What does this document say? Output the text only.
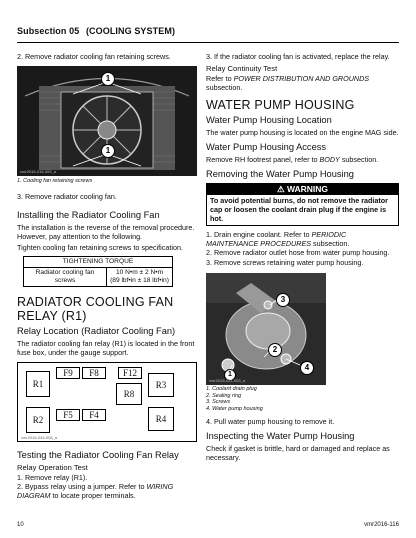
Subsection 05 (COOLING SYSTEM)

2. Remove radiator cooling fan retaining screws.

1
1
vmr2016-016-005_a
1. Cooling fan retaining screws

3. Remove radiator cooling fan.

Installing the Radiator Cooling Fan

The installation is the reverse of the removal procedure. However, pay attention to the following.

Tighten cooling fan retaining screws to specification.

TIGHTENING TORQUE
Radiator cooling fan screws	
10 N•m ± 2 N•m
(89 lbf•in ± 18 lbf•in)
RADIATOR COOLING FAN RELAY (R1)
Relay Location (Radiator Cooling Fan)

The radiator cooling fan relay (R1) is located in the front fuse box, under the gauge support.

R1
F9	F8	F12
R3
R8
R2	F5	F4	R4
vmr2016-044-008_a
Testing the Radiator Cooling Fan Relay
Relay Operation Test

1. Remove relay (R1).

2. Bypass relay using a jumper. Refer to WIRING DIAGRAM to locate proper terminals.

3. If the radiator cooling fan is activated, replace the relay.

Relay Continuity Test

Refer to POWER DISTRIBUTION AND GROUNDS subsection.

WATER PUMP HOUSING
Water Pump Housing Location

The water pump housing is located on the engine MAG side.

Water Pump Housing Access

Remove RH footrest panel, refer to BODY subsection.

Removing the Water Pump Housing
⚠ WARNING
To avoid potential burns, do not remove the radiator cap or loosen the coolant drain plug if the engine is hot.

1. Drain engine coolant. Refer to PERIODIC MAINTENANCE PROCEDURES subsection.

2. Remove radiator outlet hose from water pump housing.

3. Remove screws retaining water pump housing.

3
2
1
4
vmr2016-044-003_a
1. Coolant drain plug
2. Sealing ring
3. Screws
4. Water pump housing

4. Pull water pump housing to remove it.

Inspecting the Water Pump Housing

Check if gasket is brittle, hard or damaged and replace as necessary.

10	vmr2016-116
